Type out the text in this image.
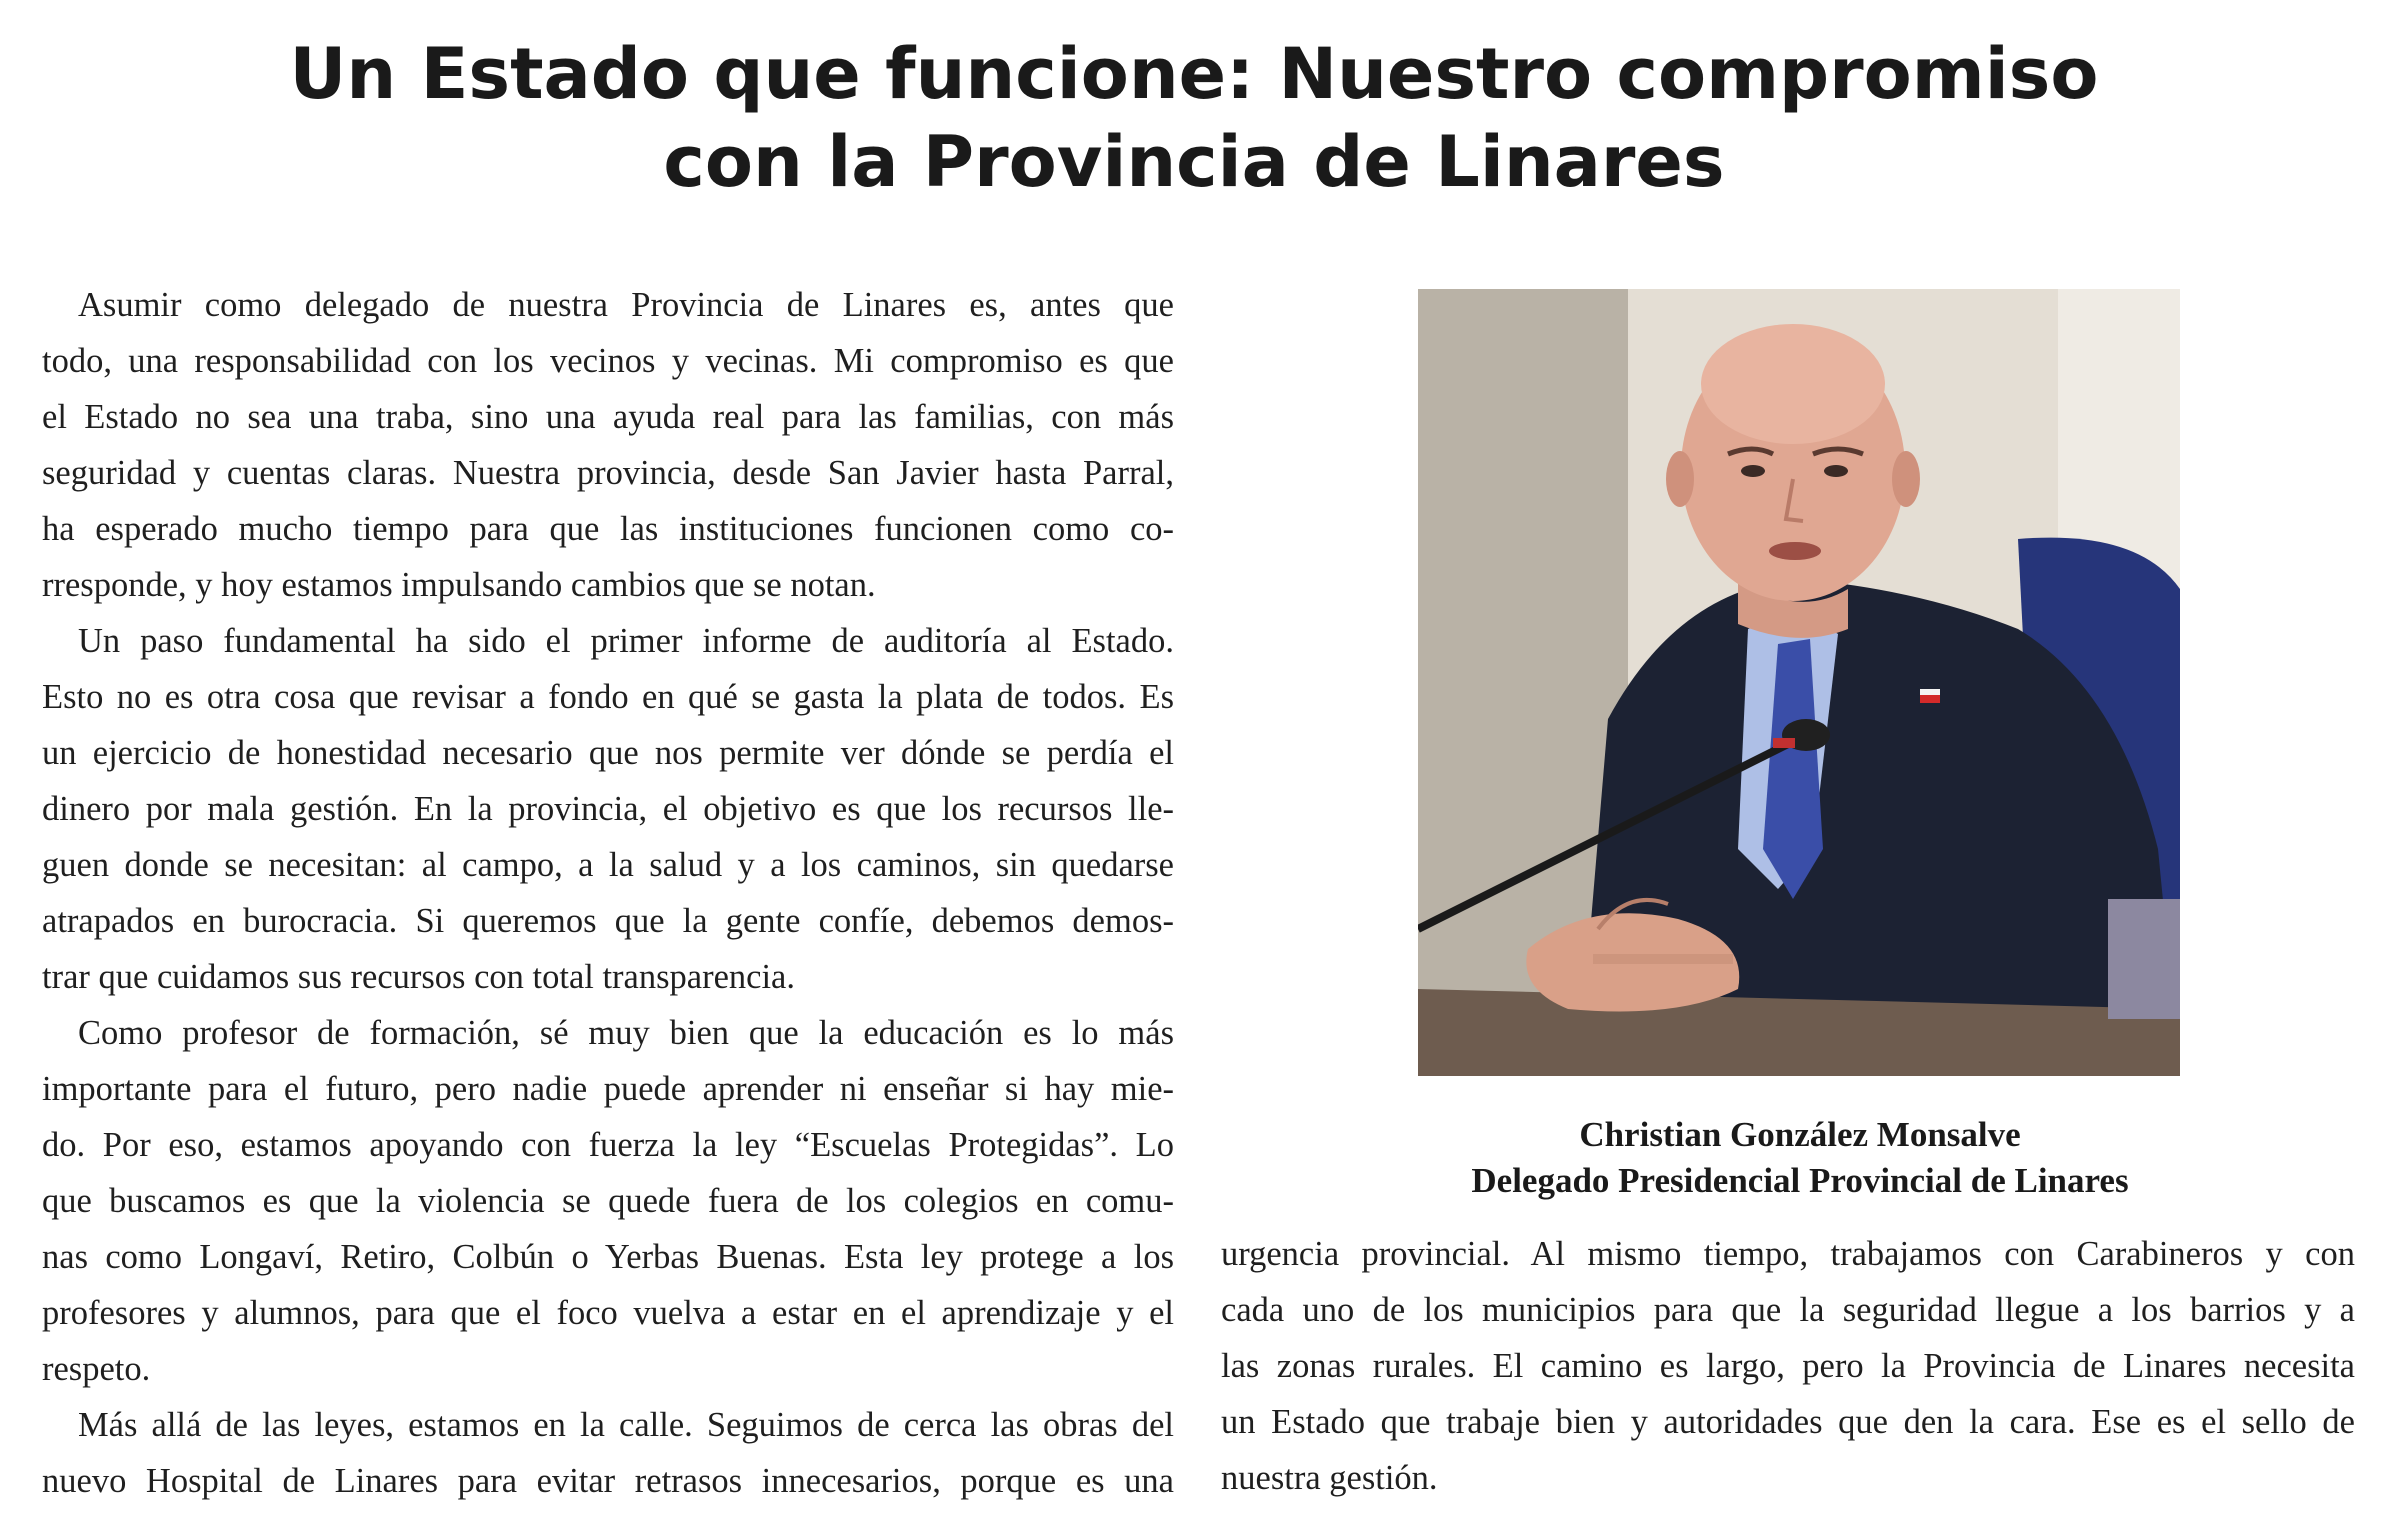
Un Estado que funcione: Nuestro compromiso
con la Provincia de Linares
Asumir como delegado de nuestra Provincia de Linares es, antes que
todo, una responsabilidad con los vecinos y vecinas. Mi compromiso es que
el Estado no sea una traba, sino una ayuda real para las familias, con más
seguridad y cuentas claras. Nuestra provincia, desde San Javier hasta Parral,
ha esperado mucho tiempo para que las instituciones funcionen como co-
rresponde, y hoy estamos impulsando cambios que se notan.
Un paso fundamental ha sido el primer informe de auditoría al Estado.
Esto no es otra cosa que revisar a fondo en qué se gasta la plata de todos. Es
un ejercicio de honestidad necesario que nos permite ver dónde se perdía el
dinero por mala gestión. En la provincia, el objetivo es que los recursos lle-
guen donde se necesitan: al campo, a la salud y a los caminos, sin quedarse
atrapados en burocracia. Si queremos que la gente confíe, debemos demos-
trar que cuidamos sus recursos con total transparencia.
Como profesor de formación, sé muy bien que la educación es lo más
importante para el futuro, pero nadie puede aprender ni enseñar si hay mie-
do. Por eso, estamos apoyando con fuerza la ley “Escuelas Protegidas”. Lo
que buscamos es que la violencia se quede fuera de los colegios en comu-
nas como Longaví, Retiro, Colbún o Yerbas Buenas. Esta ley protege a los
profesores y alumnos, para que el foco vuelva a estar en el aprendizaje y el
respeto.
Más allá de las leyes, estamos en la calle. Seguimos de cerca las obras del
nuevo Hospital de Linares para evitar retrasos innecesarios, porque es una
Christian González Monsalve
Delegado Presidencial Provincial de Linares
urgencia provincial. Al mismo tiempo, trabajamos con Carabineros y con
cada uno de los municipios para que la seguridad llegue a los barrios y a
las zonas rurales. El camino es largo, pero la Provincia de Linares necesita
un Estado que trabaje bien y autoridades que den la cara. Ese es el sello de
nuestra gestión.
